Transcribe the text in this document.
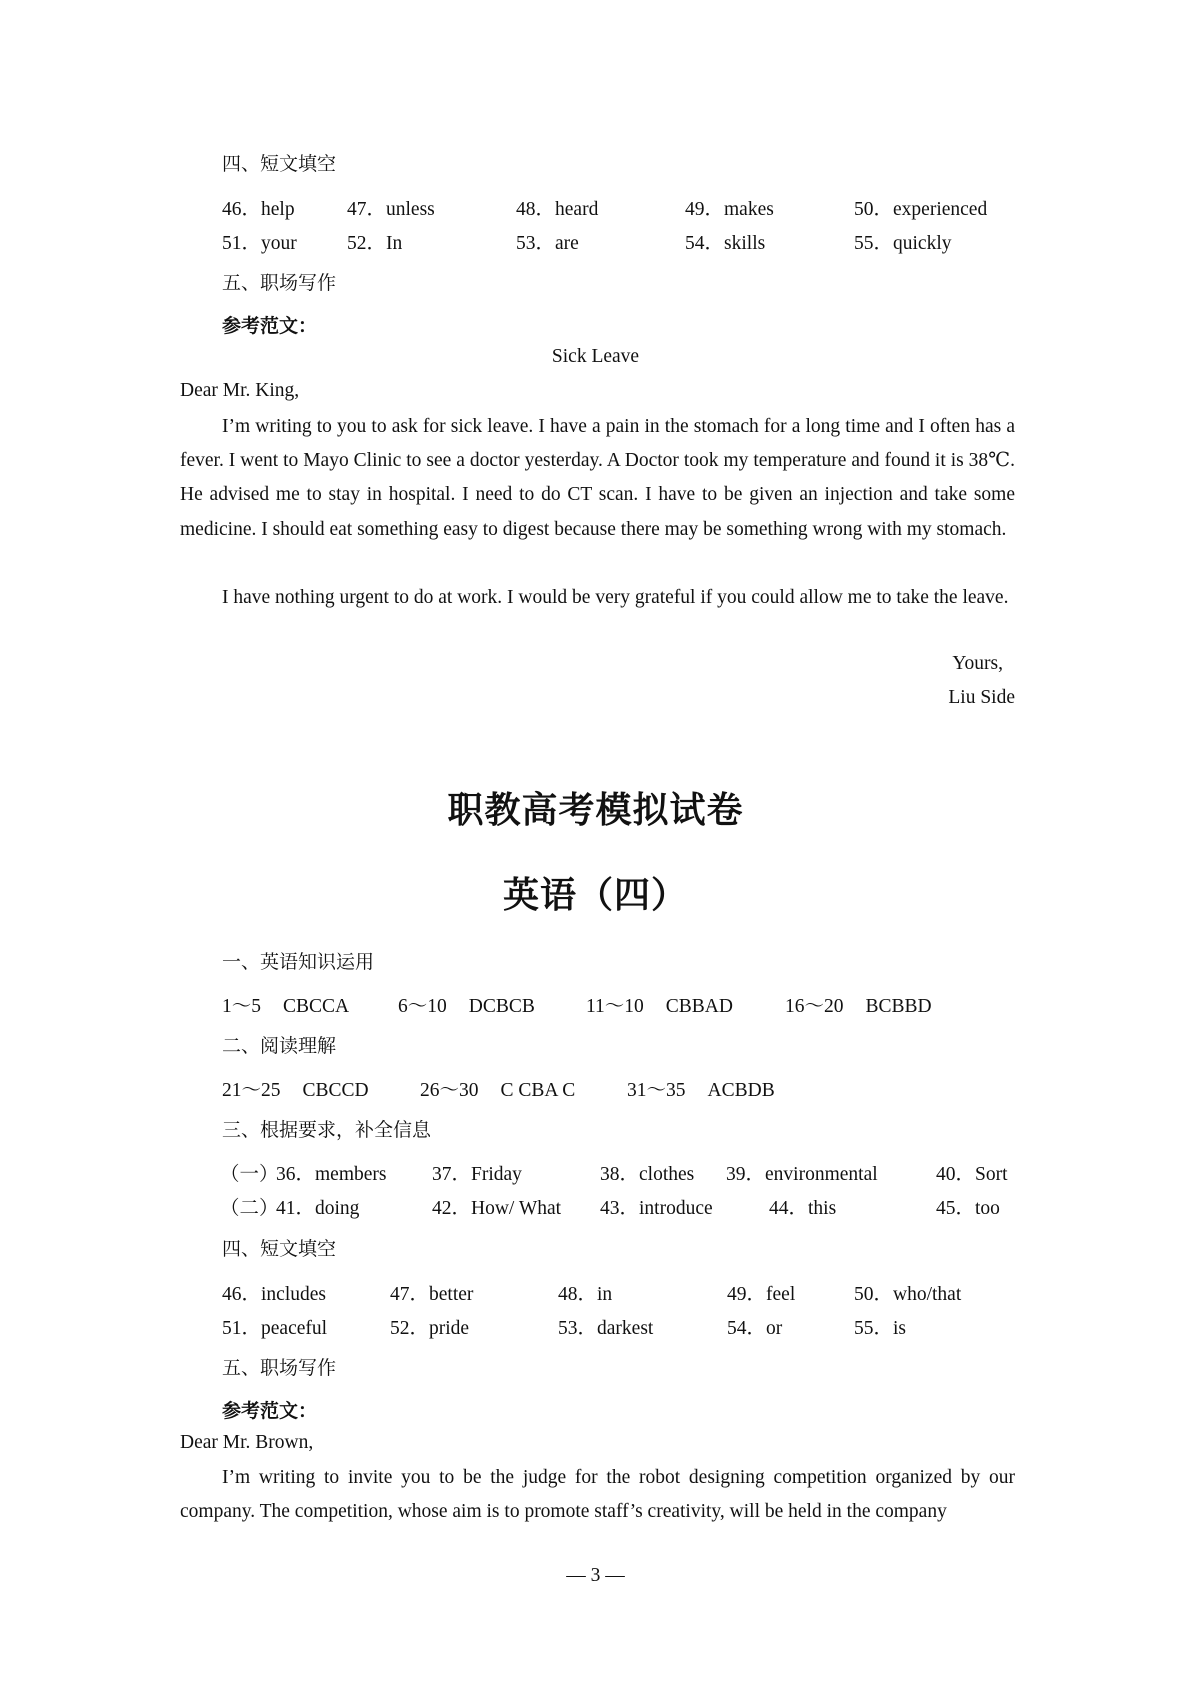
四、短文填空
46．help	47．unless	48．heard	49．makes	50．experienced
51．your	52．In	53．are	54．skills	55．quickly
五、职场写作
参考范文：
Sick Leave
Dear Mr. King,
I’m writing to you to ask for sick leave. I have a pain in the stomach for a long time and I often has a fever. I went to Mayo Clinic to see a doctor yesterday. A Doctor took my temperature and found it is 38℃. He advised me to stay in hospital. I need to do CT scan. I have to be given an injection and take some medicine. I should eat something easy to digest because there may be something wrong with my stomach.
I have nothing urgent to do at work. I would be very grateful if you could allow me to take the leave.
Yours,
Liu Side
职教高考模拟试卷
英语（四）
一、英语知识运用
1～5 CBCCA	6～10 DCBCB	11～10 CBBAD	16～20 BCBBD
二、阅读理解
21～25 CBCCD	26～30 C CBA C	31～35 ACBDB
三、根据要求，补全信息
（一）
36．members 37．Friday	38．clothes 39．environmental	40．Sort
（二）
41．doing	42．How/ What 43．introduce	44．this	45．too
四、短文填空
46．includes	47．better	48．in	49．feel	50．who/that
51．peaceful	52．pride	53．darkest	54．or	55．is
五、职场写作
参考范文：
Dear Mr. Brown,
I’m writing to invite you to be the judge for the robot designing competition organized by our company. The competition, whose aim is to promote staff’s creativity, will be held in the company
— 3 —
